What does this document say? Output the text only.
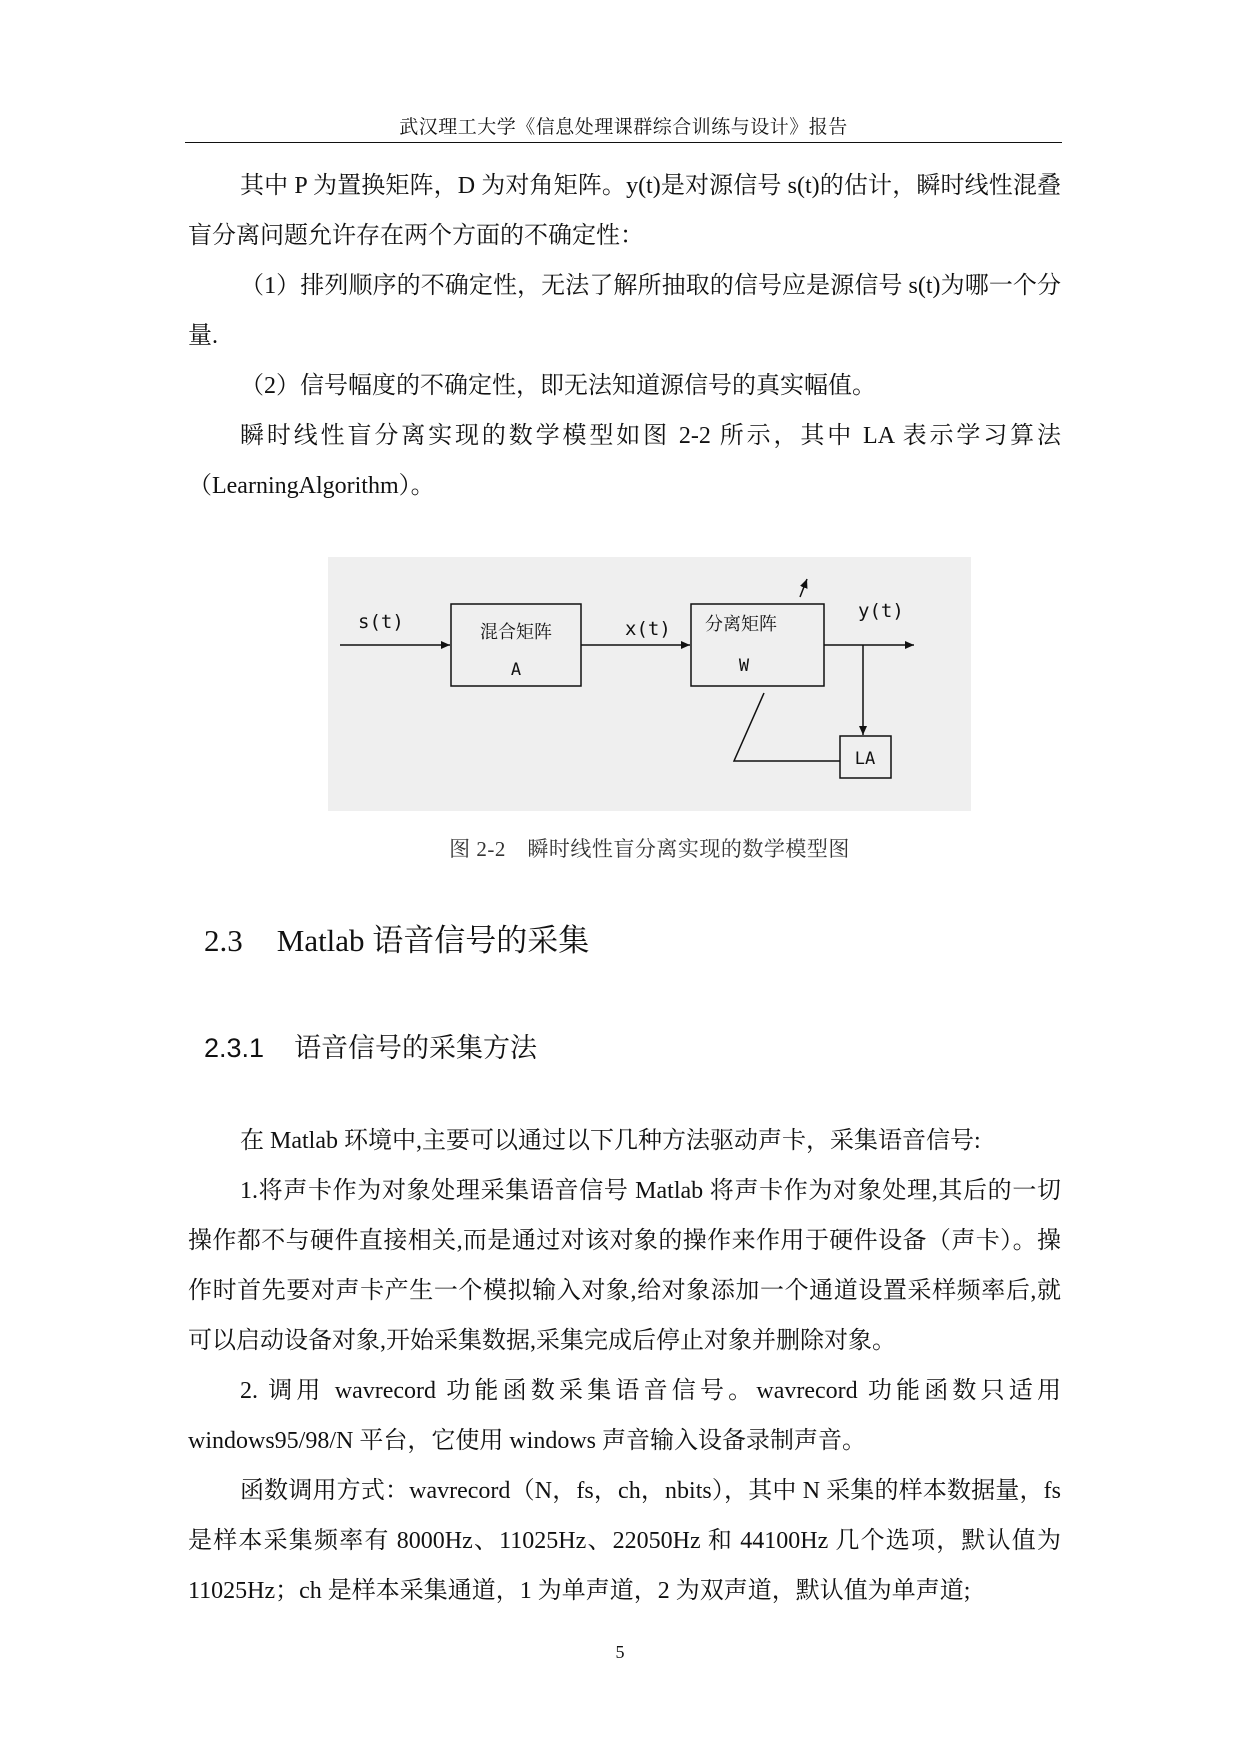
武汉理工大学《信息处理课群综合训练与设计》报告

其中 P 为置换矩阵，D 为对角矩阵。y(t)是对源信号 s(t)的估计，瞬时线性混叠盲分离问题允许存在两个方面的不确定性：

（1）排列顺序的不确定性，无法了解所抽取的信号应是源信号 s(t)为哪一个分量.

（2）信号幅度的不确定性，即无法知道源信号的真实幅值。

瞬时线性盲分离实现的数学模型如图 2-2 所示，其中 LA 表示学习算法（LearningAlgorithm）。

s(t)	混合矩阵
A
x(t) 分离矩阵
W
y(t)
LA
图 2-2　瞬时线性盲分离实现的数学模型图
2.3 Matlab 语音信号的采集
2.3.1 语音信号的采集方法

在 Matlab 环境中,主要可以通过以下几种方法驱动声卡，采集语音信号:

1.将声卡作为对象处理采集语音信号 Matlab 将声卡作为对象处理,其后的一切操作都不与硬件直接相关,而是通过对该对象的操作来作用于硬件设备（声卡）。操作时首先要对声卡产生一个模拟输入对象,给对象添加一个通道设置采样频率后,就可以启动设备对象,开始采集数据,采集完成后停止对象并删除对象。

2. 调用 wavrecord 功能函数采集语音信号。wavrecord 功能函数只适用 windows95/98/N 平台，它使用 windows 声音输入设备录制声音。

函数调用方式：wavrecord（N，fs，ch，nbits），其中 N 采集的样本数据量，fs 是样本采集频率有 8000Hz、11025Hz、22050Hz 和 44100Hz 几个选项，默认值为 11025Hz；ch 是样本采集通道，1 为单声道，2 为双声道，默认值为单声道;

5
